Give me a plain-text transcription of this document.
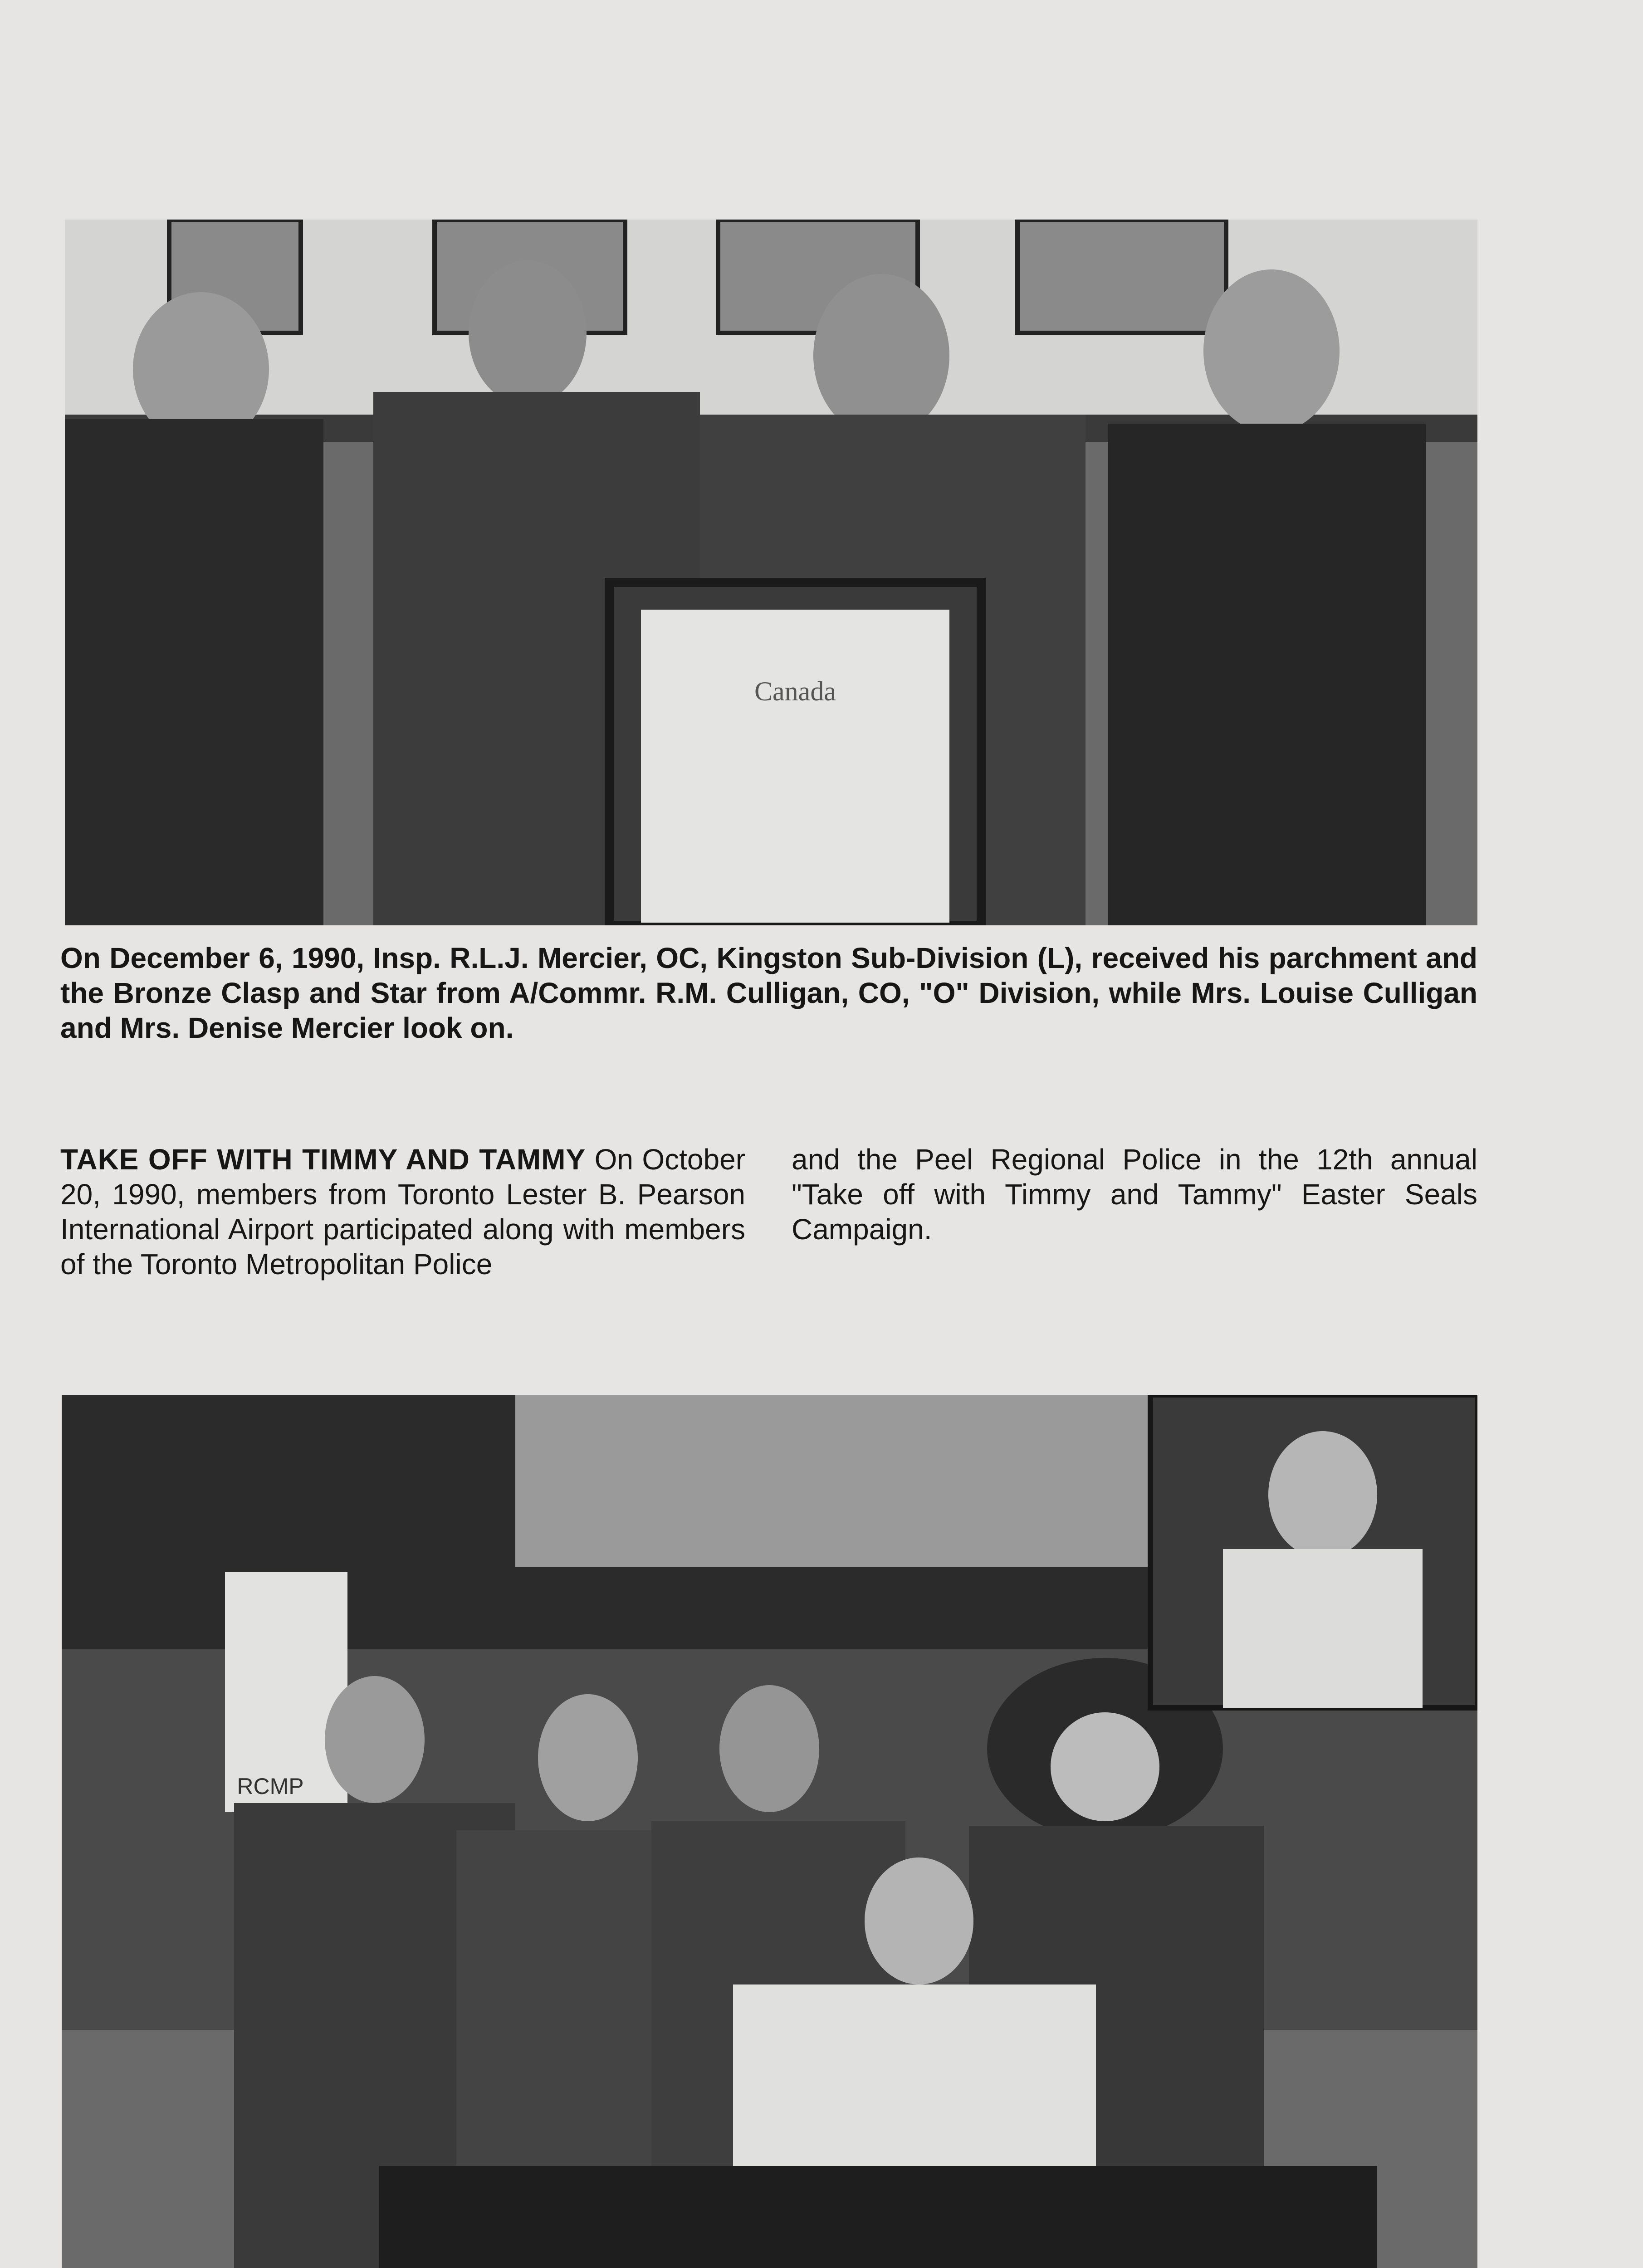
Canada

On December 6, 1990, Insp. R.L.J. Mercier, OC, Kingston Sub-Division (L), received his parchment and the Bronze Clasp and Star from A/Commr. R.M. Culligan, CO, "O" Division, while Mrs. Louise Culligan and Mrs. Denise Mercier look on.

TAKE OFF WITH TIMMY AND TAMMY On October 20, 1990, members from Toronto Lester B. Pearson International Airport participated along with members of the Toronto Metropolitan Police

and the Peel Regional Police in the 12th annual "Take off with Timmy and Tammy" Easter Seals Campaign.

RCMP
